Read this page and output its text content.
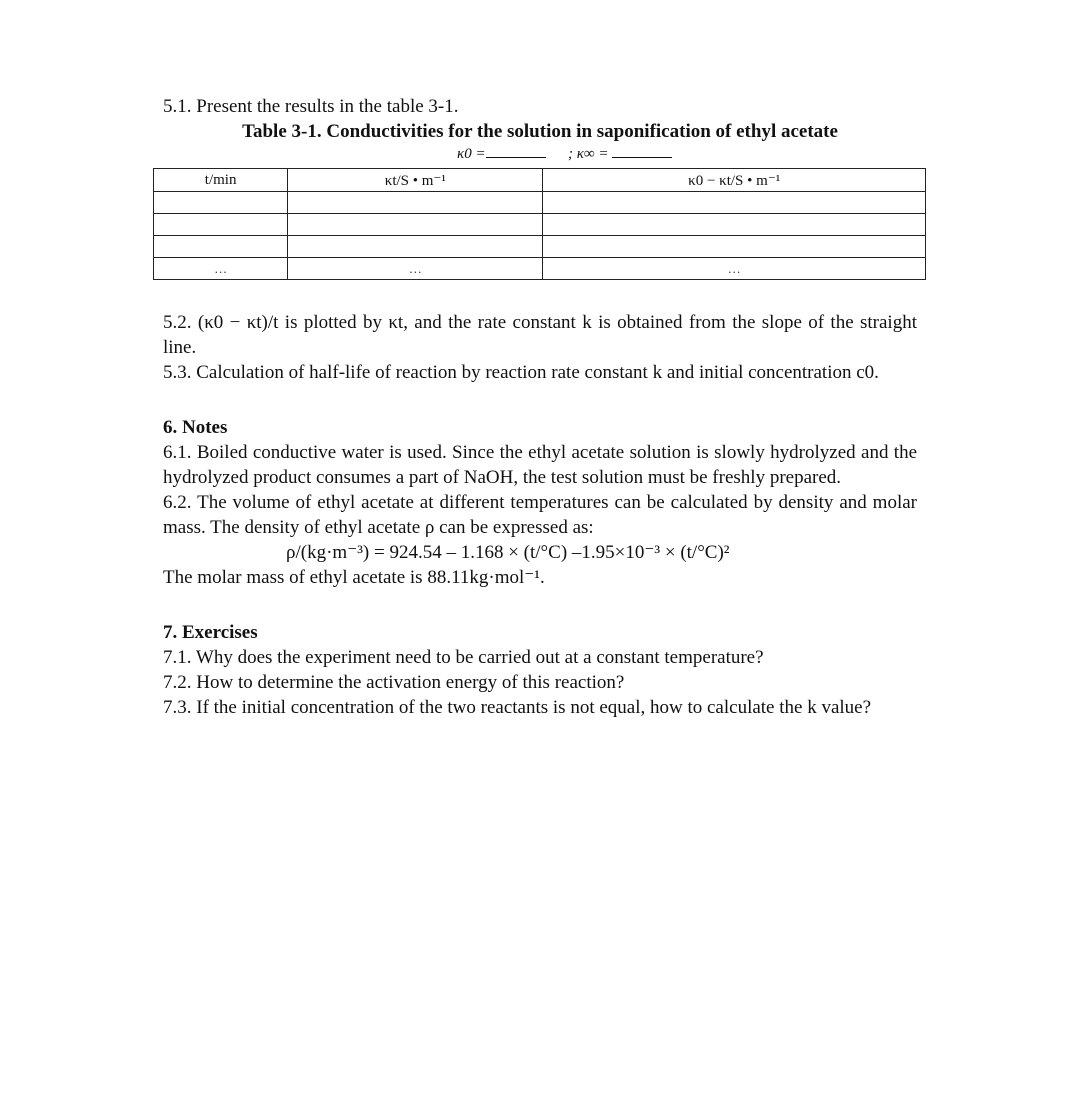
5.1. Present the results in the table 3-1.

Table 3-1. Conductivities for the solution in saponification of ethyl acetate

κ0 =	; κ∞ =
t/min	κt/S • m⁻¹	κ0 − κt/S • m⁻¹

…	…	…

5.2. (κ0 − κt)/t is plotted by κt, and the rate constant k is obtained from the slope of the straight line.

5.3. Calculation of half-life of reaction by reaction rate constant k and initial concentration c0.

6. Notes

6.1. Boiled conductive water is used. Since the ethyl acetate solution is slowly hydrolyzed and the hydrolyzed product consumes a part of NaOH, the test solution must be freshly prepared.

6.2. The volume of ethyl acetate at different temperatures can be calculated by density and molar mass. The density of ethyl acetate ρ can be expressed as:

ρ/(kg·m⁻³) = 924.54 – 1.168 × (t/°C) –1.95×10⁻³ × (t/°C)²

The molar mass of ethyl acetate is 88.11kg·mol⁻¹.

7. Exercises

7.1. Why does the experiment need to be carried out at a constant temperature?

7.2. How to determine the activation energy of this reaction?

7.3. If the initial concentration of the two reactants is not equal, how to calculate the k value?
